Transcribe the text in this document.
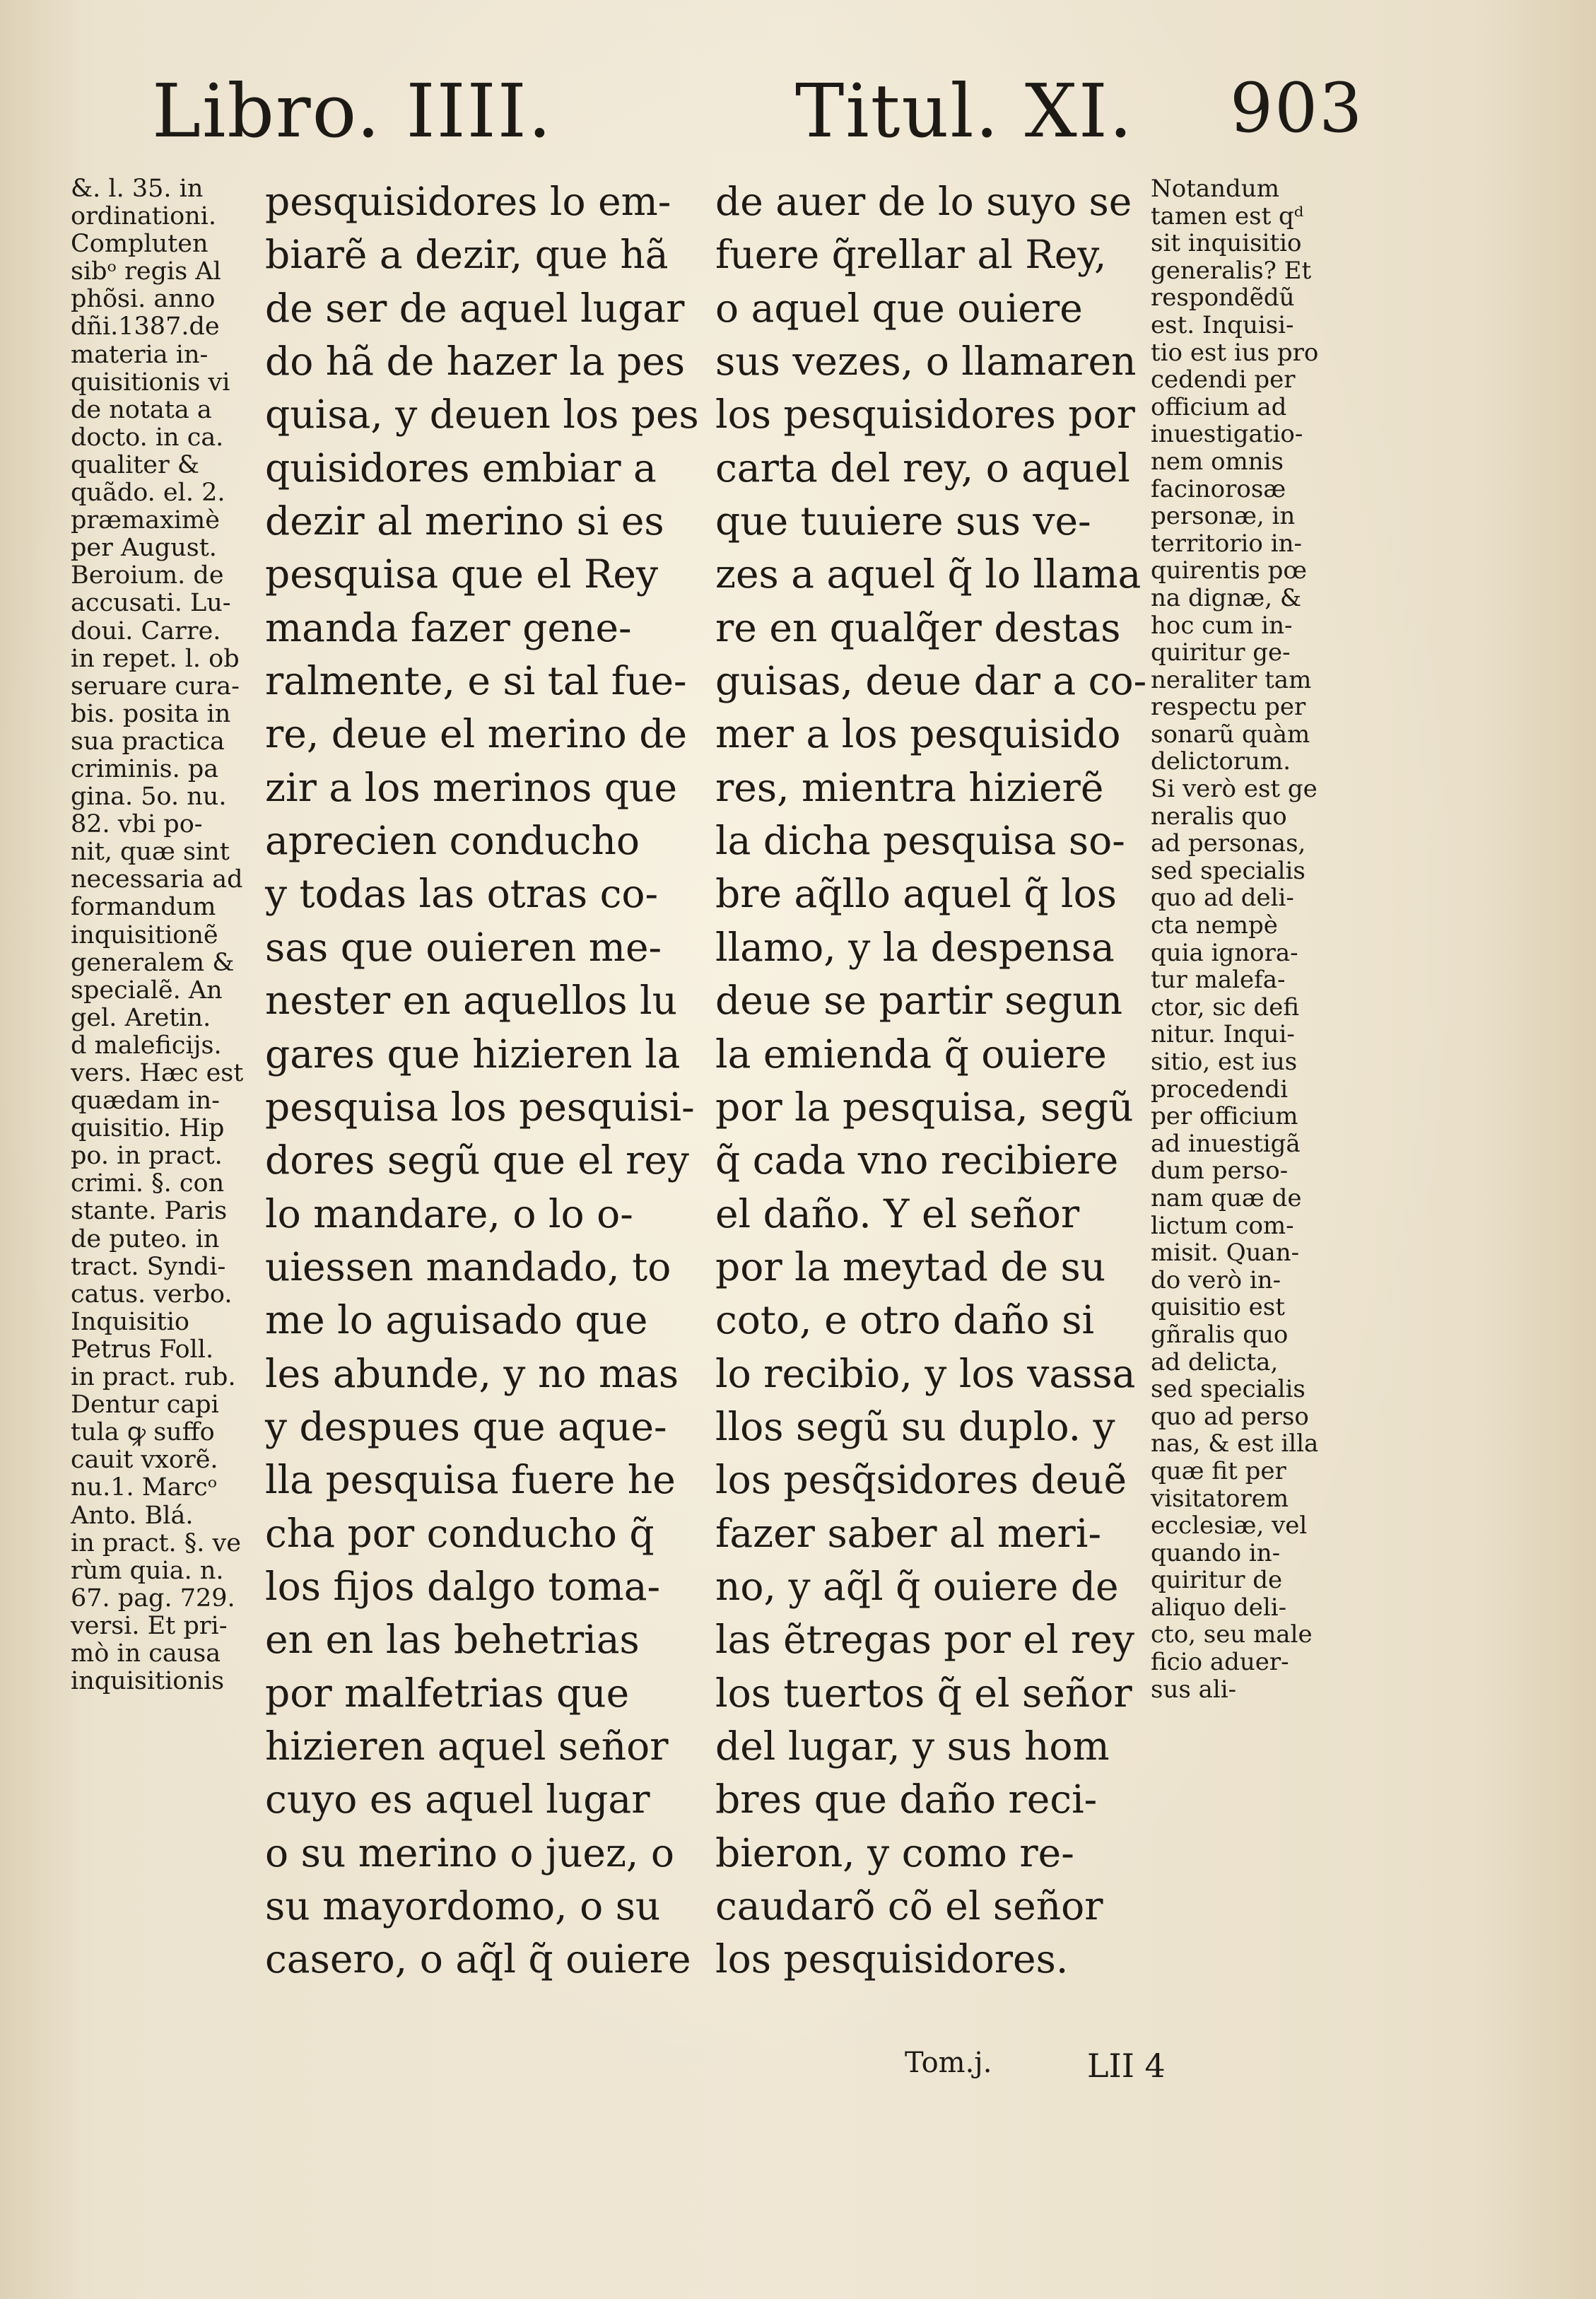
Libro. IIII.	Titul. XI. 903
&. l. 35. in
ordinationi.
Compluten
sibᵒ regis Al
phõsi. anno
dñi.1387.de
materia in-
quisitionis vi
de notata a
docto. in ca.
qualiter &
quãdo. el. 2.
præmaximè
per August.
Beroium. de
accusati. Lu-
doui. Carre.
in repet. l. ob
seruare cura-
bis. posita in
sua practica
criminis. pa
gina. 5o. nu.
82. vbi po-
nit, quæ sint
necessaria ad
formandum
inquisitionẽ
generalem &
specialẽ. An
gel. Aretin.
d maleficijs.
vers. Hæc est
quædam in-
quisitio. Hip
po. in pract.
crimi. §. con
stante. Paris
de puteo. in
tract. Syndi-
catus. verbo.
Inquisitio
Petrus Foll.
in pract. rub.
Dentur capi
tula ꝙ suffo
cauit vxorẽ.
nu.1. Marcᵒ
Anto. Blá.
in pract. §. ve
rùm quia. n.
67. pag. 729.
versi. Et pri-
mò in causa
inquisitionis
pesquisidores lo em-
biarẽ a dezir, que hã
de ser de aquel lugar
do hã de hazer la pes
quisa, y deuen los pes
quisidores embiar a
dezir al merino si es
pesquisa que el Rey
manda fazer gene-
ralmente, e si tal fue-
re, deue el merino de
zir a los merinos que
aprecien conducho
y todas las otras co-
sas que ouieren me-
nester en aquellos lu
gares que hizieren la
pesquisa los pesquisi-
dores segũ que el rey
lo mandare, o lo o-
uiessen mandado, to
me lo aguisado que
les abunde, y no mas
y despues que aque-
lla pesquisa fuere he
cha por conducho q̃
los fijos dalgo toma-
en en las behetrias
por malfetrias que
hizieren aquel señor
cuyo es aquel lugar
o su merino o juez, o
su mayordomo, o su
casero, o aq̃l q̃ ouiere
de auer de lo suyo se
fuere q̃rellar al Rey,
o aquel que ouiere
sus vezes, o llamaren
los pesquisidores por
carta del rey, o aquel
que tuuiere sus ve-
zes a aquel q̃ lo llama
re en qualq̃er destas
guisas, deue dar a co-
mer a los pesquisido
res, mientra hizierẽ
la dicha pesquisa so-
bre aq̃llo aquel q̃ los
llamo, y la despensa
deue se partir segun
la emienda q̃ ouiere
por la pesquisa, segũ
q̃ cada vno recibiere
el daño. Y el señor
por la meytad de su
coto, e otro daño si
lo recibio, y los vassa
llos segũ su duplo. y
los pesq̃sidores deuẽ
fazer saber al meri-
no, y aq̃l q̃ ouiere de
las ẽtregas por el rey
los tuertos q̃ el señor
del lugar, y sus hom
bres que daño reci-
bieron, y como re-
caudarõ cõ el señor
los pesquisidores.
Notandum
tamen est qᵈ
sit inquisitio
generalis? Et
respondẽdũ
est. Inquisi-
tio est ius pro
cedendi per
officium ad
inuestigatio-
nem omnis
facinorosæ
personæ, in
territorio in-
quirentis pœ
na dignæ, &
hoc cum in-
quiritur ge-
neraliter tam
respectu per
sonarũ quàm
delictorum.
Si verò est ge
neralis quo
ad personas,
sed specialis
quo ad deli-
cta nempè
quia ignora-
tur malefa-
ctor, sic defi
nitur. Inqui-
sitio, est ius
procedendi
per officium
ad inuestigã
dum perso-
nam quæ de
lictum com-
misit. Quan-
do verò in-
quisitio est
gñralis quo
ad delicta,
sed specialis
quo ad perso
nas, & est illa
quæ fit per
visitatorem
ecclesiæ, vel
quando in-
quiritur de
aliquo deli-
cto, seu male
ficio aduer-
sus ali-
Tom.j.	LII 4
